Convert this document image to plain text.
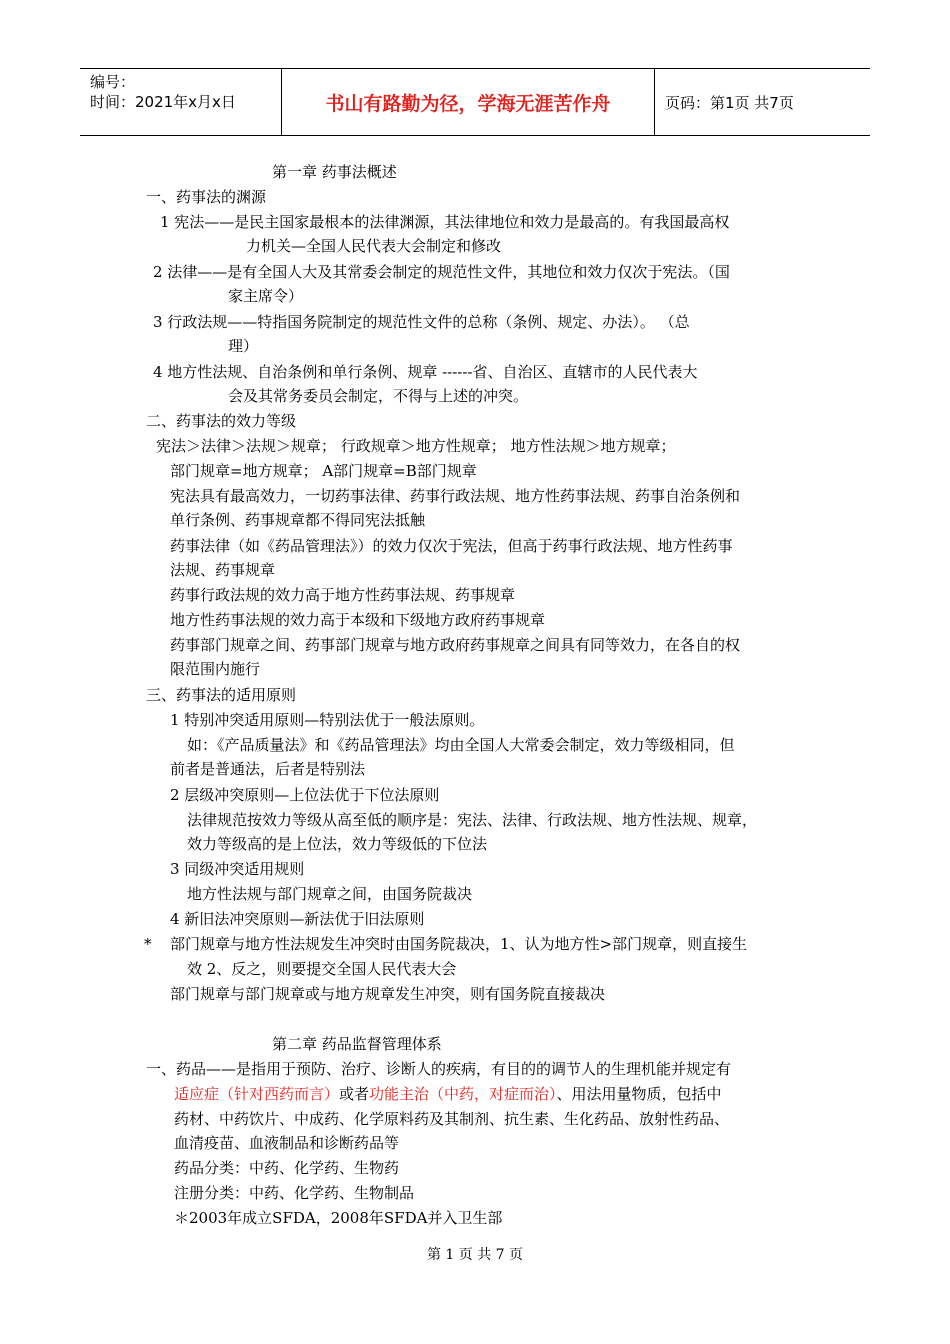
编号：
时间：2021年x月x日	书山有路勤为径，学海无涯苦作舟	页码：第1页 共7页
第一章 药事法概述
一、药事法的渊源
1 宪法——是民主国家最根本的法律渊源，其法律地位和效力是最高的。有我国最高权
力机关—全国人民代表大会制定和修改
2 法律——是有全国人大及其常委会制定的规范性文件，其地位和效力仅次于宪法。（国
家主席令）
3 行政法规——特指国务院制定的规范性文件的总称（条例、规定、办法）。 （总
理）
4 地方性法规、自治条例和单行条例、规章 ------省、自治区、直辖市的人民代表大
会及其常务委员会制定，不得与上述的冲突。
二、药事法的效力等级
宪法＞法律＞法规＞规章； 行政规章＞地方性规章； 地方性法规＞地方规章；
部门规章=地方规章； A部门规章=B部门规章
宪法具有最高效力，一切药事法律、药事行政法规、地方性药事法规、药事自治条例和
单行条例、药事规章都不得同宪法抵触
药事法律（如《药品管理法》）的效力仅次于宪法，但高于药事行政法规、地方性药事
法规、药事规章
药事行政法规的效力高于地方性药事法规、药事规章
地方性药事法规的效力高于本级和下级地方政府药事规章
药事部门规章之间、药事部门规章与地方政府药事规章之间具有同等效力，在各自的权
限范围内施行
三、药事法的适用原则
1 特别冲突适用原则—特别法优于一般法原则。
如：《产品质量法》和《药品管理法》均由全国人大常委会制定，效力等级相同，但
前者是普通法，后者是特别法
2 层级冲突原则—上位法优于下位法原则
法律规范按效力等级从高至低的顺序是：宪法、法律、行政法规、地方性法规、规章，
效力等级高的是上位法，效力等级低的下位法
3 同级冲突适用规则
地方性法规与部门规章之间，由国务院裁决
4 新旧法冲突原则—新法优于旧法原则
* 部门规章与地方性法规发生冲突时由国务院裁决，1、认为地方性>部门规章，则直接生
效 2、反之，则要提交全国人民代表大会
部门规章与部门规章或与地方规章发生冲突，则有国务院直接裁决
第二章 药品监督管理体系
一、药品——是指用于预防、治疗、诊断人的疾病，有目的的调节人的生理机能并规定有
适应症（针对西药而言）或者功能主治（中药，对症而治）、用法用量物质，包括中
药材、中药饮片、中成药、化学原料药及其制剂、抗生素、生化药品、放射性药品、
血清疫苗、血液制品和诊断药品等
药品分类：中药、化学药、生物药
注册分类：中药、化学药、生物制品
＊2003年成立SFDA，2008年SFDA并入卫生部
第 1 页 共 7 页
